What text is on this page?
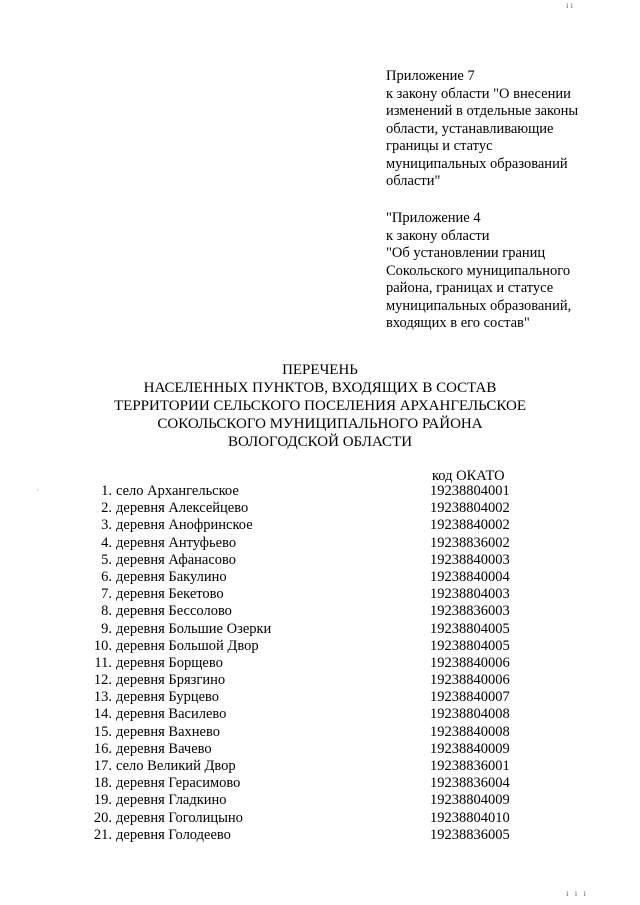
ıı
·
ı ı ı
Приложение 7
к закону области "О внесении
изменений в отдельные законы
области, устанавливающие
границы и статус
муниципальных образований
области"
"Приложение 4
к закону области
"Об установлении границ
Сокольского муниципального
района, границах и статусе
муниципальных образований,
входящих в его состав"
ПЕРЕЧЕНЬ
НАСЕЛЕННЫХ ПУНКТОВ, ВХОДЯЩИХ В СОСТАВ
ТЕРРИТОРИИ СЕЛЬСКОГО ПОСЕЛЕНИЯ АРХАНГЕЛЬСКОЕ
СОКОЛЬСКОГО МУНИЦИПАЛЬНОГО РАЙОНА
ВОЛОГОДСКОЙ ОБЛАСТИ
код ОКАТО
1. село Архангельское	19238804001
2. деревня Алексейцево	19238804002
3. деревня Анофринское	19238840002
4. деревня Антуфьево	19238836002
5. деревня Афанасово	19238840003
6. деревня Бакулино	19238840004
7. деревня Бекетово	19238804003
8. деревня Бессолово	19238836003
9. деревня Большие Озерки	19238804005
10. деревня Большой Двор	19238804005
11. деревня Борщево	19238840006
12. деревня Брязгино	19238840006
13. деревня Бурцево	19238840007
14. деревня Василево	19238804008
15. деревня Вахнево	19238840008
16. деревня Вачево	19238840009
17. село Великий Двор	19238836001
18. деревня Герасимово	19238836004
19. деревня Гладкино	19238804009
20. деревня Гоголицыно	19238804010
21. деревня Голодеево	19238836005
